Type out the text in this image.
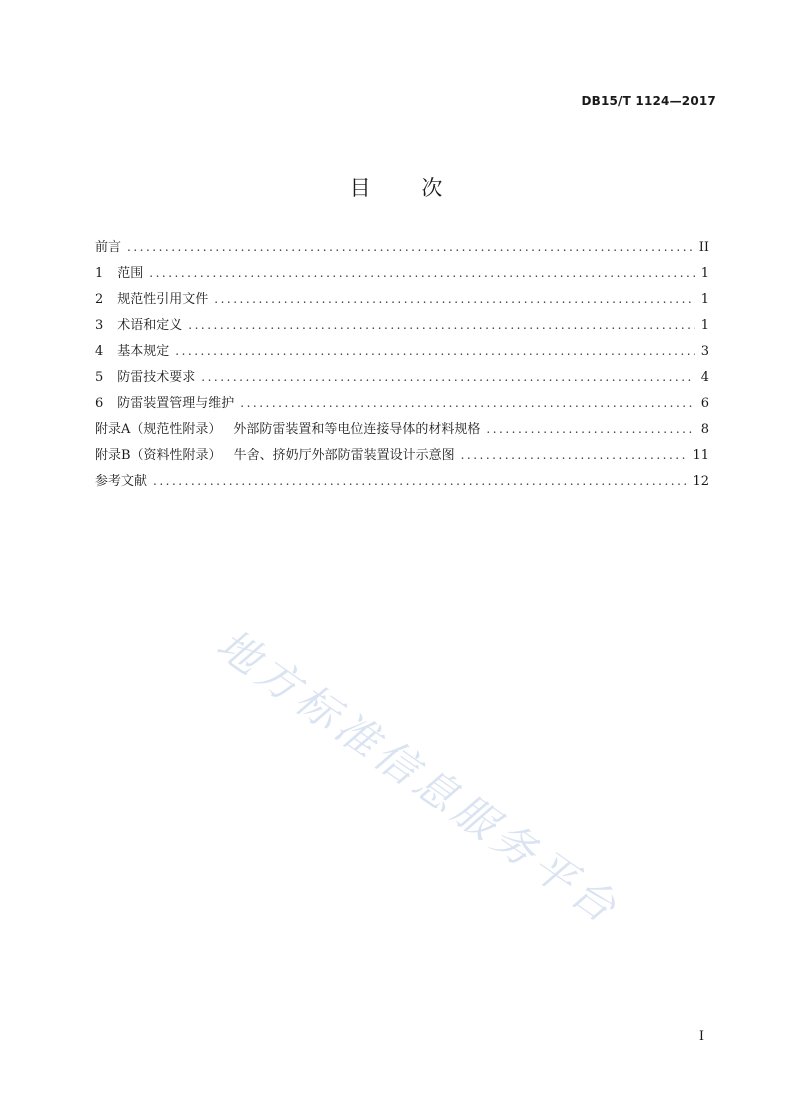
DB15/T 1124—2017
目 次
前言 .....	II
1 范围 .....	1
2 规范性引用文件 .....	1
3 术语和定义 .....	1
4 基本规定 .....	3
5 防雷技术要求 .....	4
6 防雷装置管理与维护 .....	6
附录A（规范性附录） 外部防雷装置和等电位连接导体的材料规格 .....	8
附录B（资料性附录） 牛舍、挤奶厅外部防雷装置设计示意图 .....	11
参考文献 .....	12
地方标准信息服务平台
I
